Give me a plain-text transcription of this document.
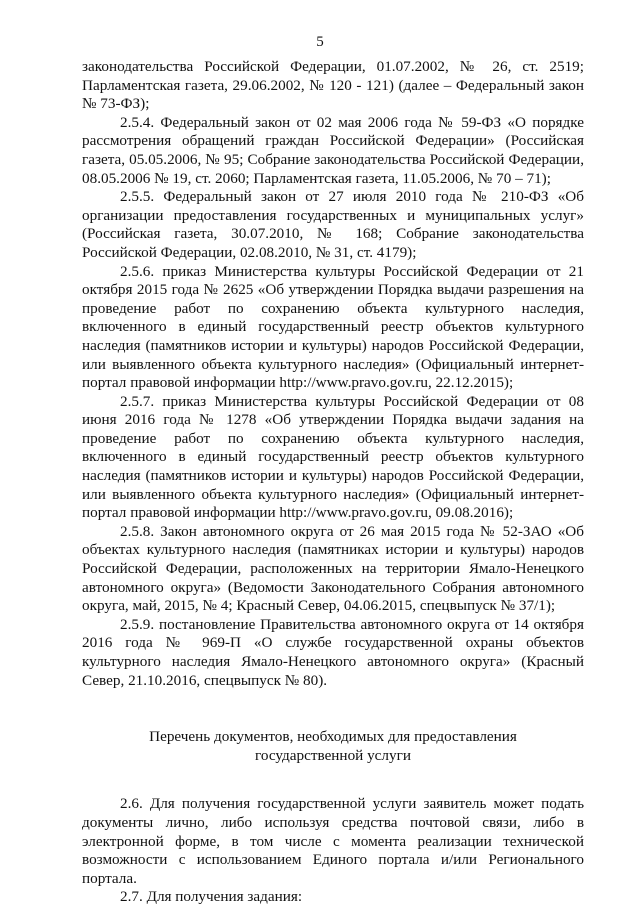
5

законодательства Российской Федерации, 01.07.2002, № 26, ст. 2519; Парламентская газета, 29.06.2002, № 120 - 121) (далее – Федеральный закон № 73-ФЗ);

2.5.4. Федеральный закон от 02 мая 2006 года № 59-ФЗ «О порядке рассмотрения обращений граждан Российской Федерации» (Российская газета, 05.05.2006, № 95; Собрание законодательства Российской Федерации, 08.05.2006 № 19, ст. 2060; Парламентская газета, 11.05.2006, № 70 – 71);

2.5.5. Федеральный закон от 27 июля 2010 года № 210-ФЗ «Об организации предоставления государственных и муниципальных услуг» (Российская газета, 30.07.2010, № 168; Собрание законодательства Российской Федерации, 02.08.2010, № 31, ст. 4179);

2.5.6. приказ Министерства культуры Российской Федерации от 21 октября 2015 года № 2625 «Об утверждении Порядка выдачи разрешения на проведение работ по сохранению объекта культурного наследия, включенного в единый государственный реестр объектов культурного наследия (памятников истории и культуры) народов Российской Федерации, или выявленного объекта культурного наследия» (Официальный интернет-портал правовой информации http://www.pravo.gov.ru, 22.12.2015);

2.5.7. приказ Министерства культуры Российской Федерации от 08 июня 2016 года № 1278 «Об утверждении Порядка выдачи задания на проведение работ по сохранению объекта культурного наследия, включенного в единый государственный реестр объектов культурного наследия (памятников истории и культуры) народов Российской Федерации, или выявленного объекта культурного наследия» (Официальный интернет-портал правовой информации http://www.pravo.gov.ru, 09.08.2016);

2.5.8. Закон автономного округа от 26 мая 2015 года № 52-ЗАО «Об объектах культурного наследия (памятниках истории и культуры) народов Российской Федерации, расположенных на территории Ямало-Ненецкого автономного округа» (Ведомости Законодательного Собрания автономного округа, май, 2015, № 4; Красный Север, 04.06.2015, спецвыпуск № 37/1);

2.5.9. постановление Правительства автономного округа от 14 октября 2016 года № 969-П «О службе государственной охраны объектов культурного наследия Ямало-Ненецкого автономного округа» (Красный Север, 21.10.2016, спецвыпуск № 80).

Перечень документов, необходимых для предоставления
государственной услуги

2.6. Для получения государственной услуги заявитель может подать документы лично, либо используя средства почтовой связи, либо в электронной форме, в том числе с момента реализации технической возможности с использованием Единого портала и/или Регионального портала.

2.7. Для получения задания:
